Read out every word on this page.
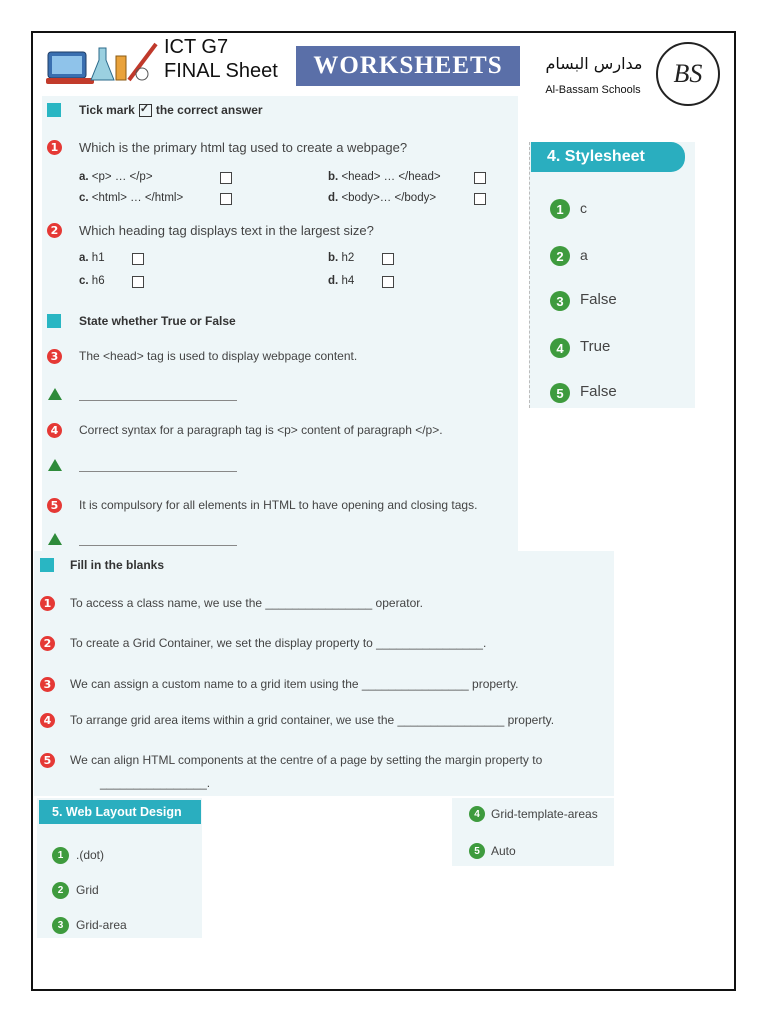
ICT G7
FINAL Sheet WORKSHEETS	مدارس البسام
Al-Bassam Schools
BS
Tick mark ✓ the correct answer
1 Which is the primary html tag used to create a webpage?
a. <p> … </p>	b. <head> … </head>
c. <html> … </html>	d. <body>… </body>
2 Which heading tag displays text in the largest size?
a. h1	b. h2
c. h6	d. h4
State whether True or False
3	The <head> tag is used to display webpage content.
4	Correct syntax for a paragraph tag is <p> content of paragraph </p>.
5	It is compulsory for all elements in HTML to have opening and closing tags.
Fill in the blanks
1	To access a class name, we use the ________________ operator.
2	To create a Grid Container, we set the display property to ________________.
3	We can assign a custom name to a grid item using the ________________ property.
4	To arrange grid area items within a grid container, we use the ________________ property.
5	We can align HTML components at the centre of a page by setting the margin property to
________________.
4. Stylesheet
1	c
2	a
3	False
4	True
5	False
5. Web Layout Design
1	.(dot)
2	Grid
3	Grid-area
4 Grid-template-areas
5 Auto
